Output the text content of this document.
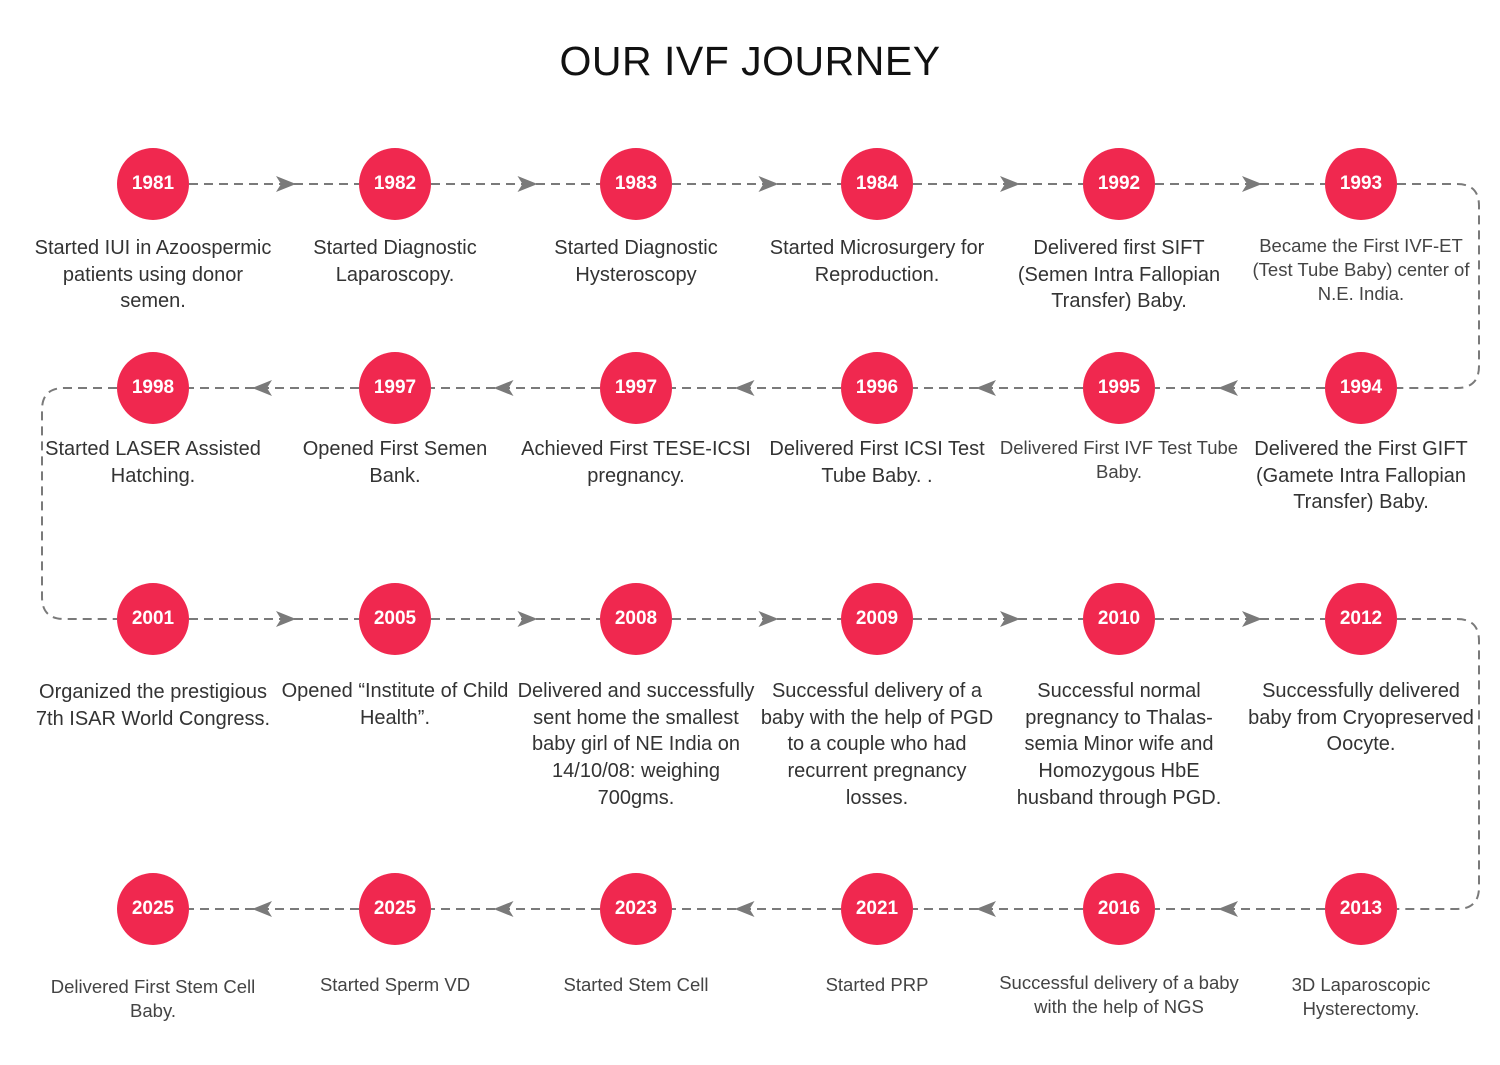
OUR IVF JOURNEY
1981
Started IUI in Azoospermic patients using donor semen.
1982
Started Diagnostic Laparoscopy.
1983
Started Diagnostic Hysteroscopy
1984
Started Microsurgery for Reproduction.
1992
Delivered first SIFT (Semen Intra Fallopian Transfer) Baby.
1993
Became the First IVF-ET (Test Tube Baby) center of N.E. India.
1994
Delivered the First GIFT (Gamete Intra Fallopian Transfer) Baby.
1995
Delivered First IVF Test Tube Baby.
1996
Delivered First ICSI Test Tube Baby. .
1997
Achieved First TESE-ICSI pregnancy.
1997
Opened First Semen Bank.
1998
Started LASER Assisted Hatching.
2001
Organized the prestigious 7th ISAR World Congress.
2005
Opened “Institute of Child Health”.
2008
Delivered and successfully sent home the smallest baby girl of NE India on 14/10/08: weighing 700gms.
2009
Successful delivery of a baby with the help of PGD to a couple who had recurrent pregnancy losses.
2010
Successful normal pregnancy to Thalas-semia Minor wife and Homozygous HbE husband through PGD.
2012
Successfully delivered baby from Cryopreserved Oocyte.
2013
3D Laparoscopic Hysterectomy.
2016
Successful delivery of a baby with the help of NGS
2021
Started PRP
2023
Started Stem Cell
2025
Started Sperm VD
2025
Delivered First Stem Cell Baby.
